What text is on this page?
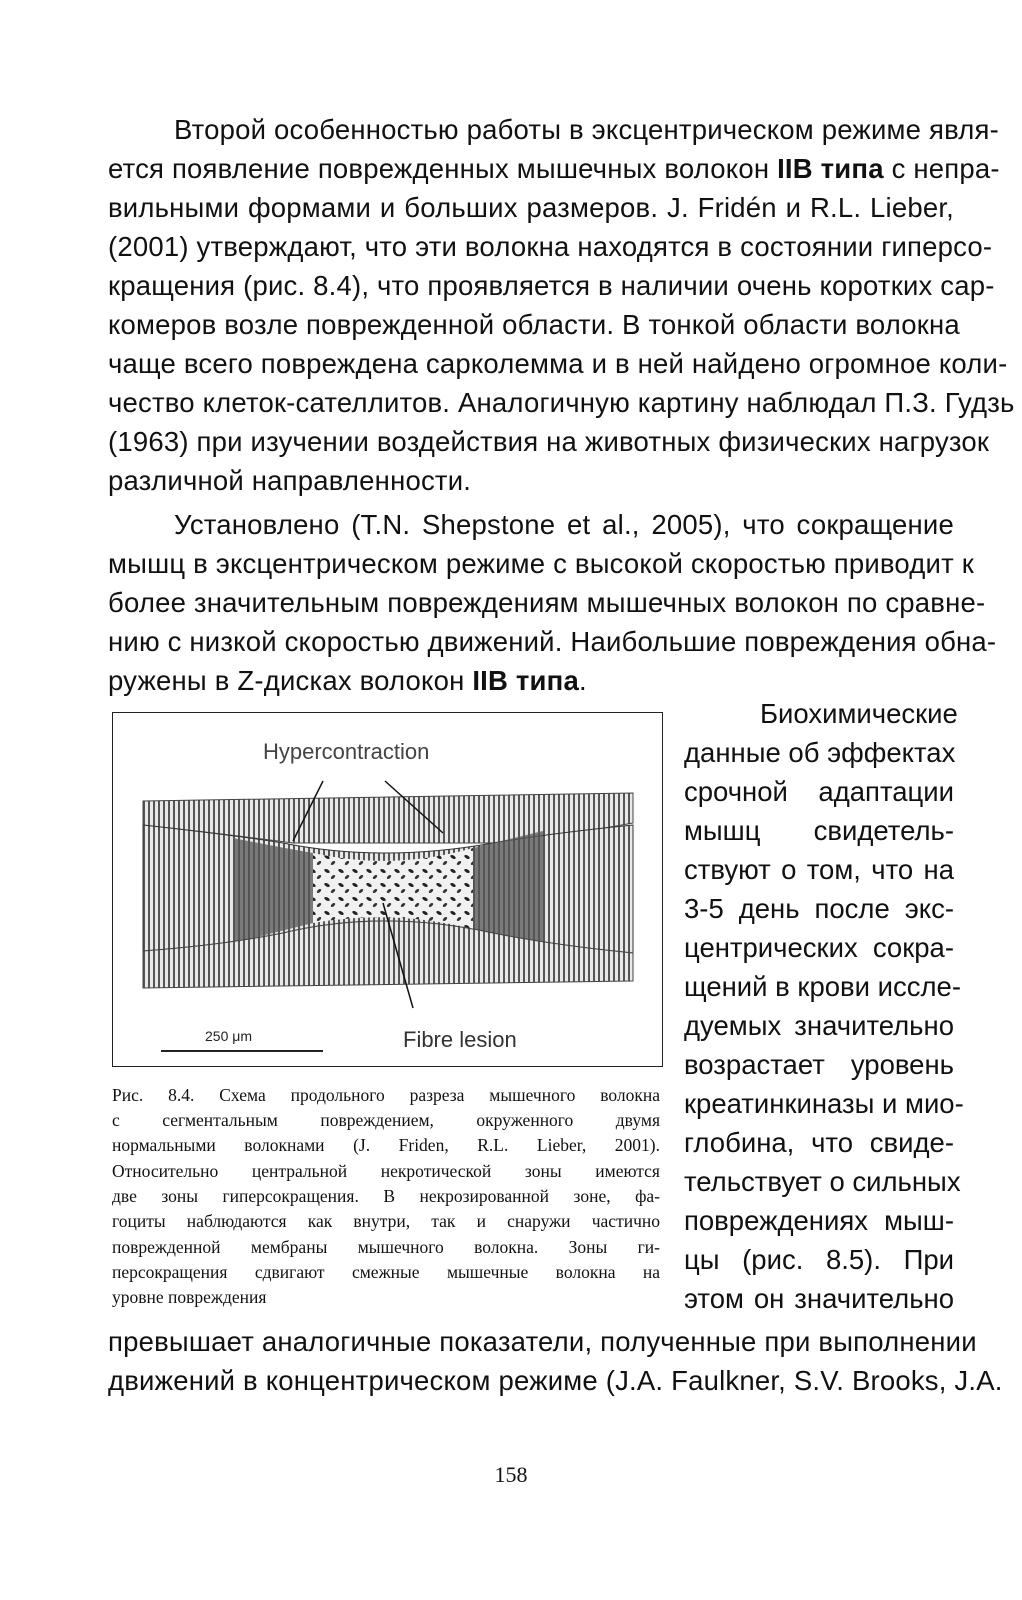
Второй особенностью работы в эксцентрическом режиме явля-
ется появление поврежденных мышечных волокон IIB типа с непра-
вильными формами и больших размеров. J. Fridén и R.L. Lieber,
(2001) утверждают, что эти волокна находятся в состоянии гиперсо-
кращения (рис. 8.4), что проявляется в наличии очень коротких сар-
комеров возле поврежденной области. В тонкой области волокна
чаще всего повреждена сарколемма и в ней найдено огромное коли-
чество клеток-сателлитов. Аналогичную картину наблюдал П.З. Гудзь
(1963) при изучении воздействия на животных физических нагрузок
различной направленности.
Установлено (T.N. Shepstone et al., 2005), что сокращение
мышц в эксцентрическом режиме с высокой скоростью приводит к
более значительным повреждениям мышечных волокон по сравне-
нию с низкой скоростью движений. Наибольшие повреждения обна-
ружены в Z-дисках волокон IIB типа.
Hypercontraction
250 μm	Fibre lesion
Рис. 8.4. Схема продольного разреза мышечного волокна
с сегментальным повреждением, окруженного двумя
нормальными волокнами (J. Friden, R.L. Lieber, 2001).
Относительно центральной некротической зоны имеются
две зоны гиперсокращения. В некрозированной зоне, фа-
гоциты наблюдаются как внутри, так и снаружи частично
поврежденной мембраны мышечного волокна. Зоны ги-
персокращения сдвигают смежные мышечные волокна на
уровне повреждения
Биохимические
данные об эффектах
срочной адаптации
мышц свидетель-
ствуют о том, что на
3-5 день после экс-
центрических сокра-
щений в крови иссле-
дуемых значительно
возрастает уровень
креатинкиназы и мио-
глобина, что свиде-
тельствует о сильных
повреждениях мыш-
цы (рис. 8.5). При
этом он значительно
превышает аналогичные показатели, полученные при выполнении
движений в концентрическом режиме (J.A. Faulkner, S.V. Brooks, J.A.
158
